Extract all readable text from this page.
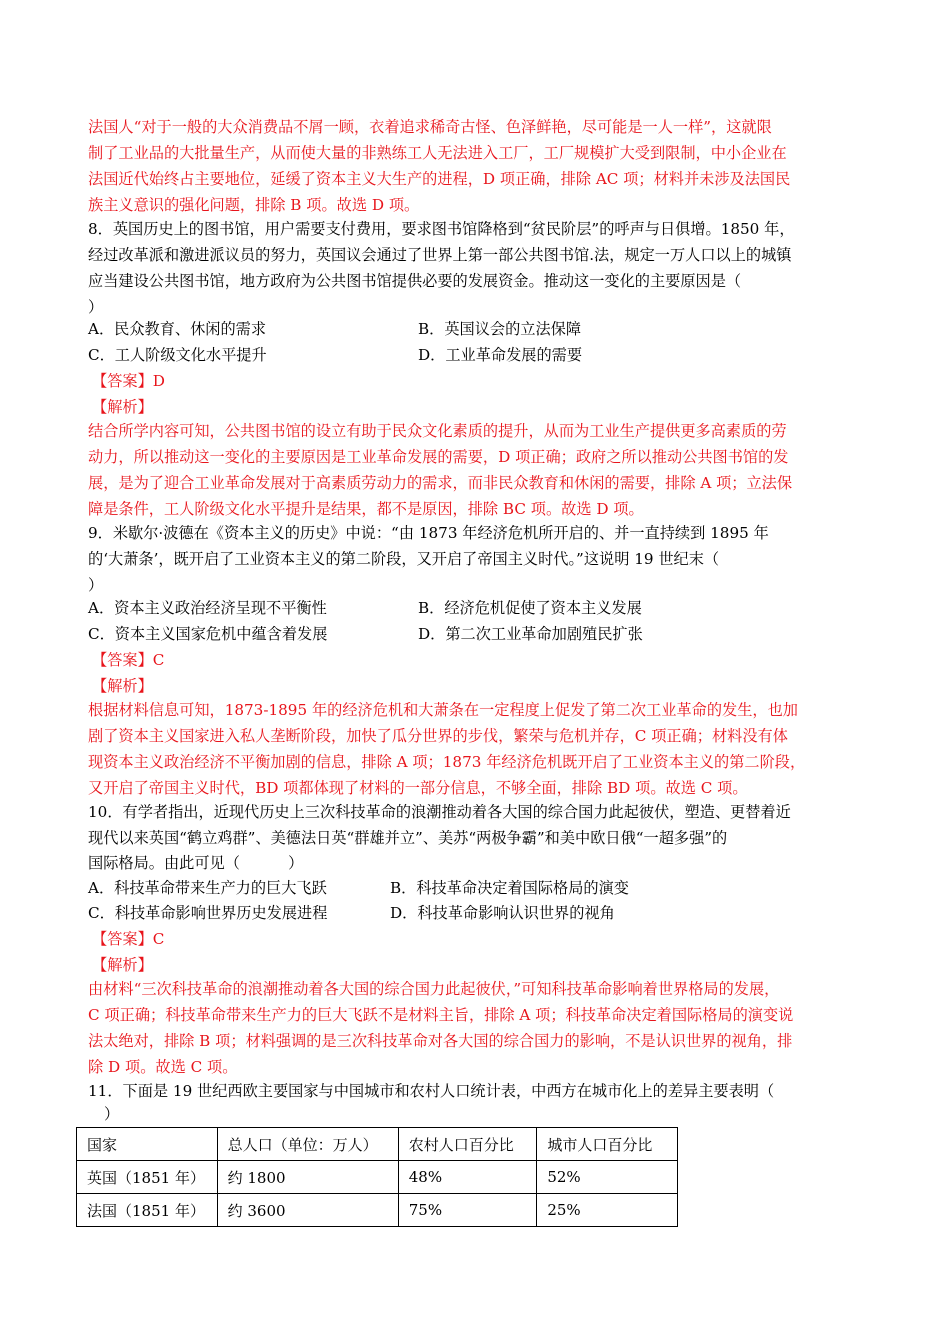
法国人“对于一般的大众消费品不屑一顾，衣着追求稀奇古怪、色泽鲜艳，尽可能是一人一样”，这就限
制了工业品的大批量生产，从而使大量的非熟练工人无法进入工厂，工厂规模扩大受到限制，中小企业在
法国近代始终占主要地位，延缓了资本主义大生产的进程，D 项正确，排除 AC 项；材料并未涉及法国民
族主义意识的强化问题，排除 B 项。故选 D 项。
8．英国历史上的图书馆，用户需要支付费用，要求图书馆降格到“贫民阶层”的呼声与日俱增。1850 年，
经过改革派和激进派议员的努力，英国议会通过了世界上第一部公共图书馆.法，规定一万人口以上的城镇
应当建设公共图书馆，地方政府为公共图书馆提供必要的发展资金。推动这一变化的主要原因是（
）
A．民众教育、休闲的需求	B．英国议会的立法保障
C．工人阶级文化水平提升	D．工业革命发展的需要
【答案】D
【解析】
结合所学内容可知，公共图书馆的设立有助于民众文化素质的提升，从而为工业生产提供更多高素质的劳
动力，所以推动这一变化的主要原因是工业革命发展的需要，D 项正确；政府之所以推动公共图书馆的发
展，是为了迎合工业革命发展对于高素质劳动力的需求，而非民众教育和休闲的需要，排除 A 项；立法保
障是条件，工人阶级文化水平提升是结果，都不是原因，排除 BC 项。故选 D 项。
9．米歇尔·波德在《资本主义的历史》中说：“由 1873 年经济危机所开启的、并一直持续到 1895 年
的‘大萧条’，既开启了工业资本主义的第二阶段，又开启了帝国主义时代。”这说明 19 世纪末（
）
A．资本主义政治经济呈现不平衡性	B．经济危机促使了资本主义发展
C．资本主义国家危机中蕴含着发展	D．第二次工业革命加剧殖民扩张
【答案】C
【解析】
根据材料信息可知，1873-1895 年的经济危机和大萧条在一定程度上促发了第二次工业革命的发生，也加
剧了资本主义国家进入私人垄断阶段，加快了瓜分世界的步伐，繁荣与危机并存，C 项正确；材料没有体
现资本主义政治经济不平衡加剧的信息，排除 A 项；1873 年经济危机既开启了工业资本主义的第二阶段，
又开启了帝国主义时代，BD 项都体现了材料的一部分信息，不够全面，排除 BD 项。故选 C 项。
10．有学者指出，近现代历史上三次科技革命的浪潮推动着各大国的综合国力此起彼伏，塑造、更替着近
现代以来英国“鹤立鸡群”、美德法日英“群雄并立”、美苏“两极争霸”和美中欧日俄“一超多强”的
国际格局。由此可见（          ）
A．科技革命带来生产力的巨大飞跃	B．科技革命决定着国际格局的演变
C．科技革命影响世界历史发展进程	D．科技革命影响认识世界的视角
【答案】C
【解析】
由材料“三次科技革命的浪潮推动着各大国的综合国力此起彼伏，”可知科技革命影响着世界格局的发展，
C 项正确；科技革命带来生产力的巨大飞跃不是材料主旨，排除 A 项；科技革命决定着国际格局的演变说
法太绝对，排除 B 项；材料强调的是三次科技革命对各大国的综合国力的影响，不是认识世界的视角，排
除 D 项。故选 C 项。
11．下面是 19 世纪西欧主要国家与中国城市和农村人口统计表，中西方在城市化上的差异主要表明（
）
国家	总人口（单位：万人）	农村人口百分比	城市人口百分比
英国（1851 年）	约 1800	48%	52%
法国（1851 年）	约 3600	75%	25%
